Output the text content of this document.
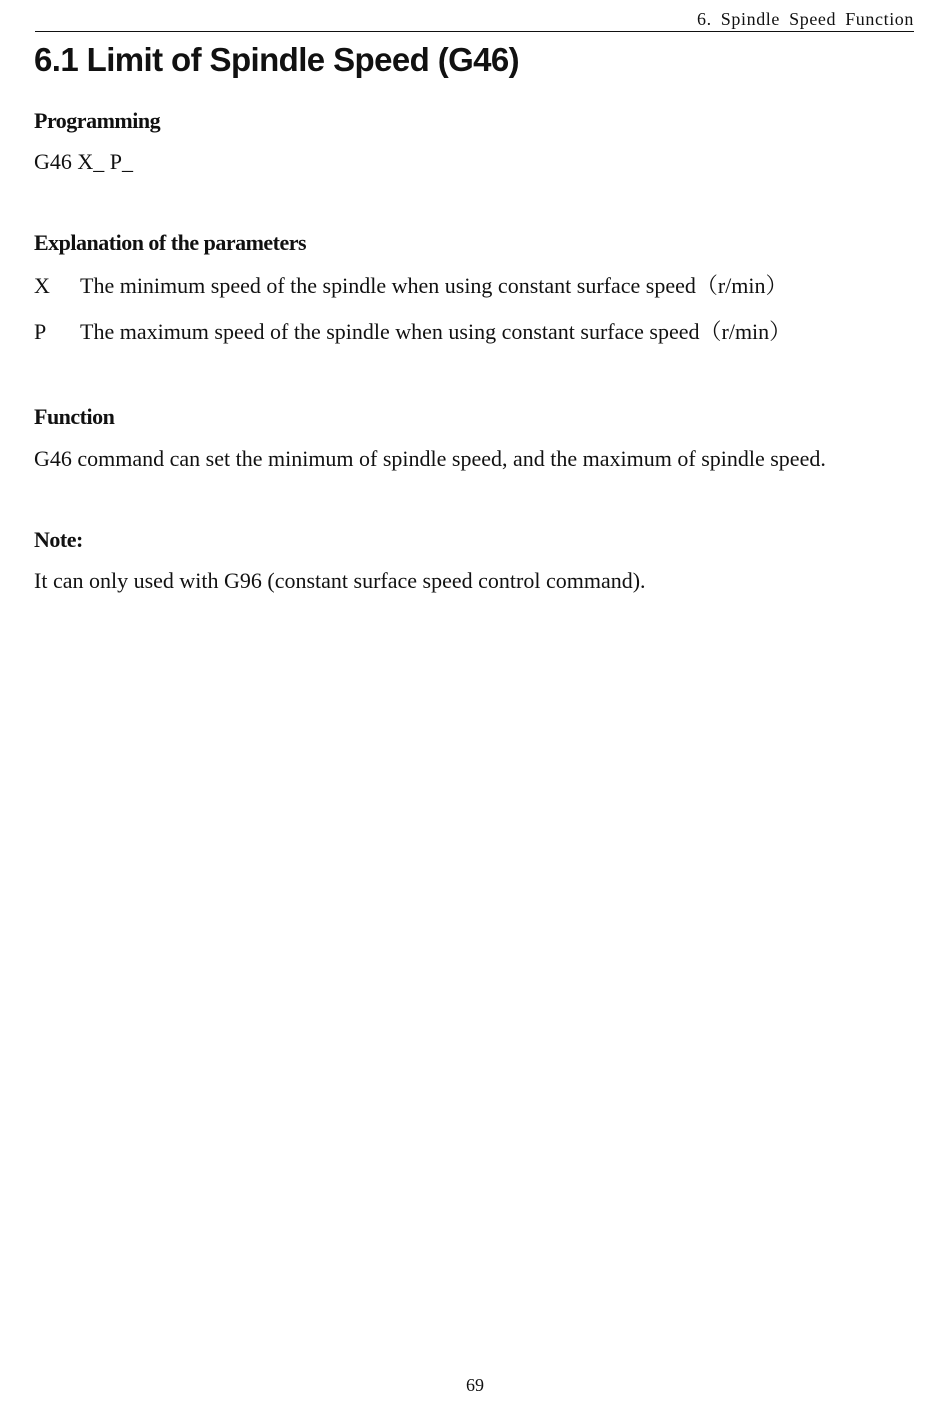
6. Spindle Speed Function
6.1 Limit of Spindle Speed (G46)
Programming

G46 X_ P_

Explanation of the parameters
X The minimum speed of the spindle when using constant surface speed（r/min）
P The maximum speed of the spindle when using constant surface speed（r/min）
Function

G46 command can set the minimum of spindle speed, and the maximum of spindle speed.

Note:

It can only used with G96 (constant surface speed control command).

69
